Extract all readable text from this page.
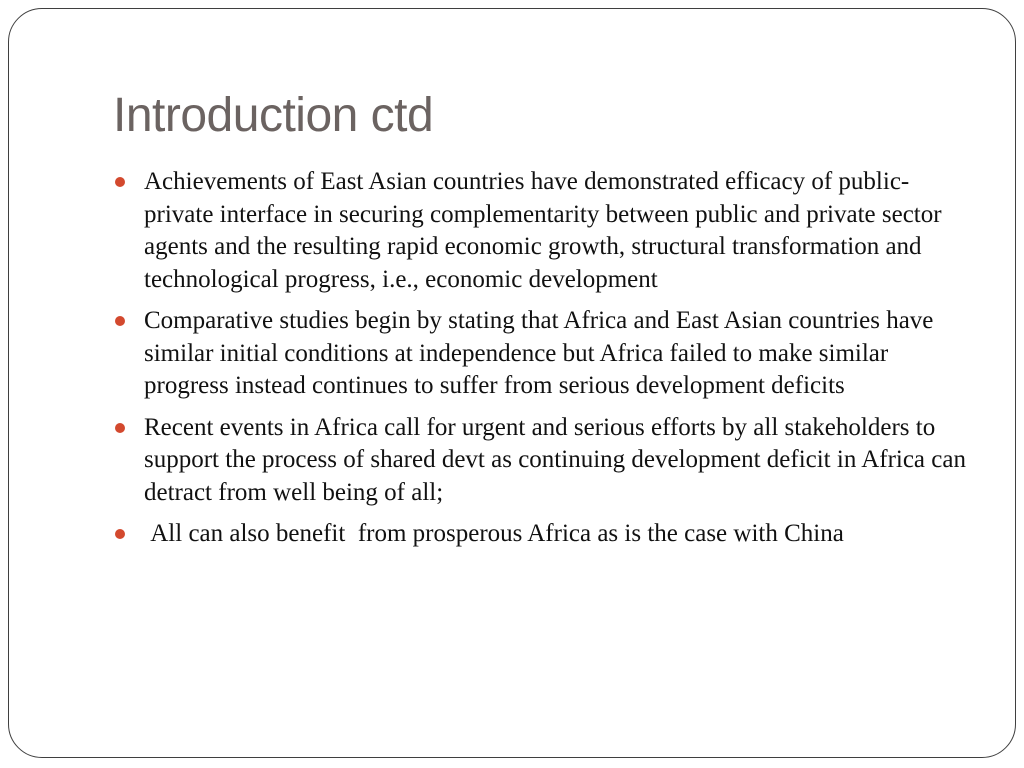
Introduction ctd
Achievements of East Asian countries have demonstrated efficacy of public-private interface in securing complementarity between public and private sector agents and the resulting rapid economic growth, structural transformation and technological progress, i.e., economic development
Comparative studies begin by stating that Africa and East Asian countries have similar initial conditions at independence but Africa failed to make similar progress instead continues to suffer from serious development deficits
Recent events in Africa call for urgent and serious efforts by all stakeholders to support the process of shared devt as continuing development deficit in Africa can detract from well being of all;
All can also benefit  from prosperous Africa as is the case with China
